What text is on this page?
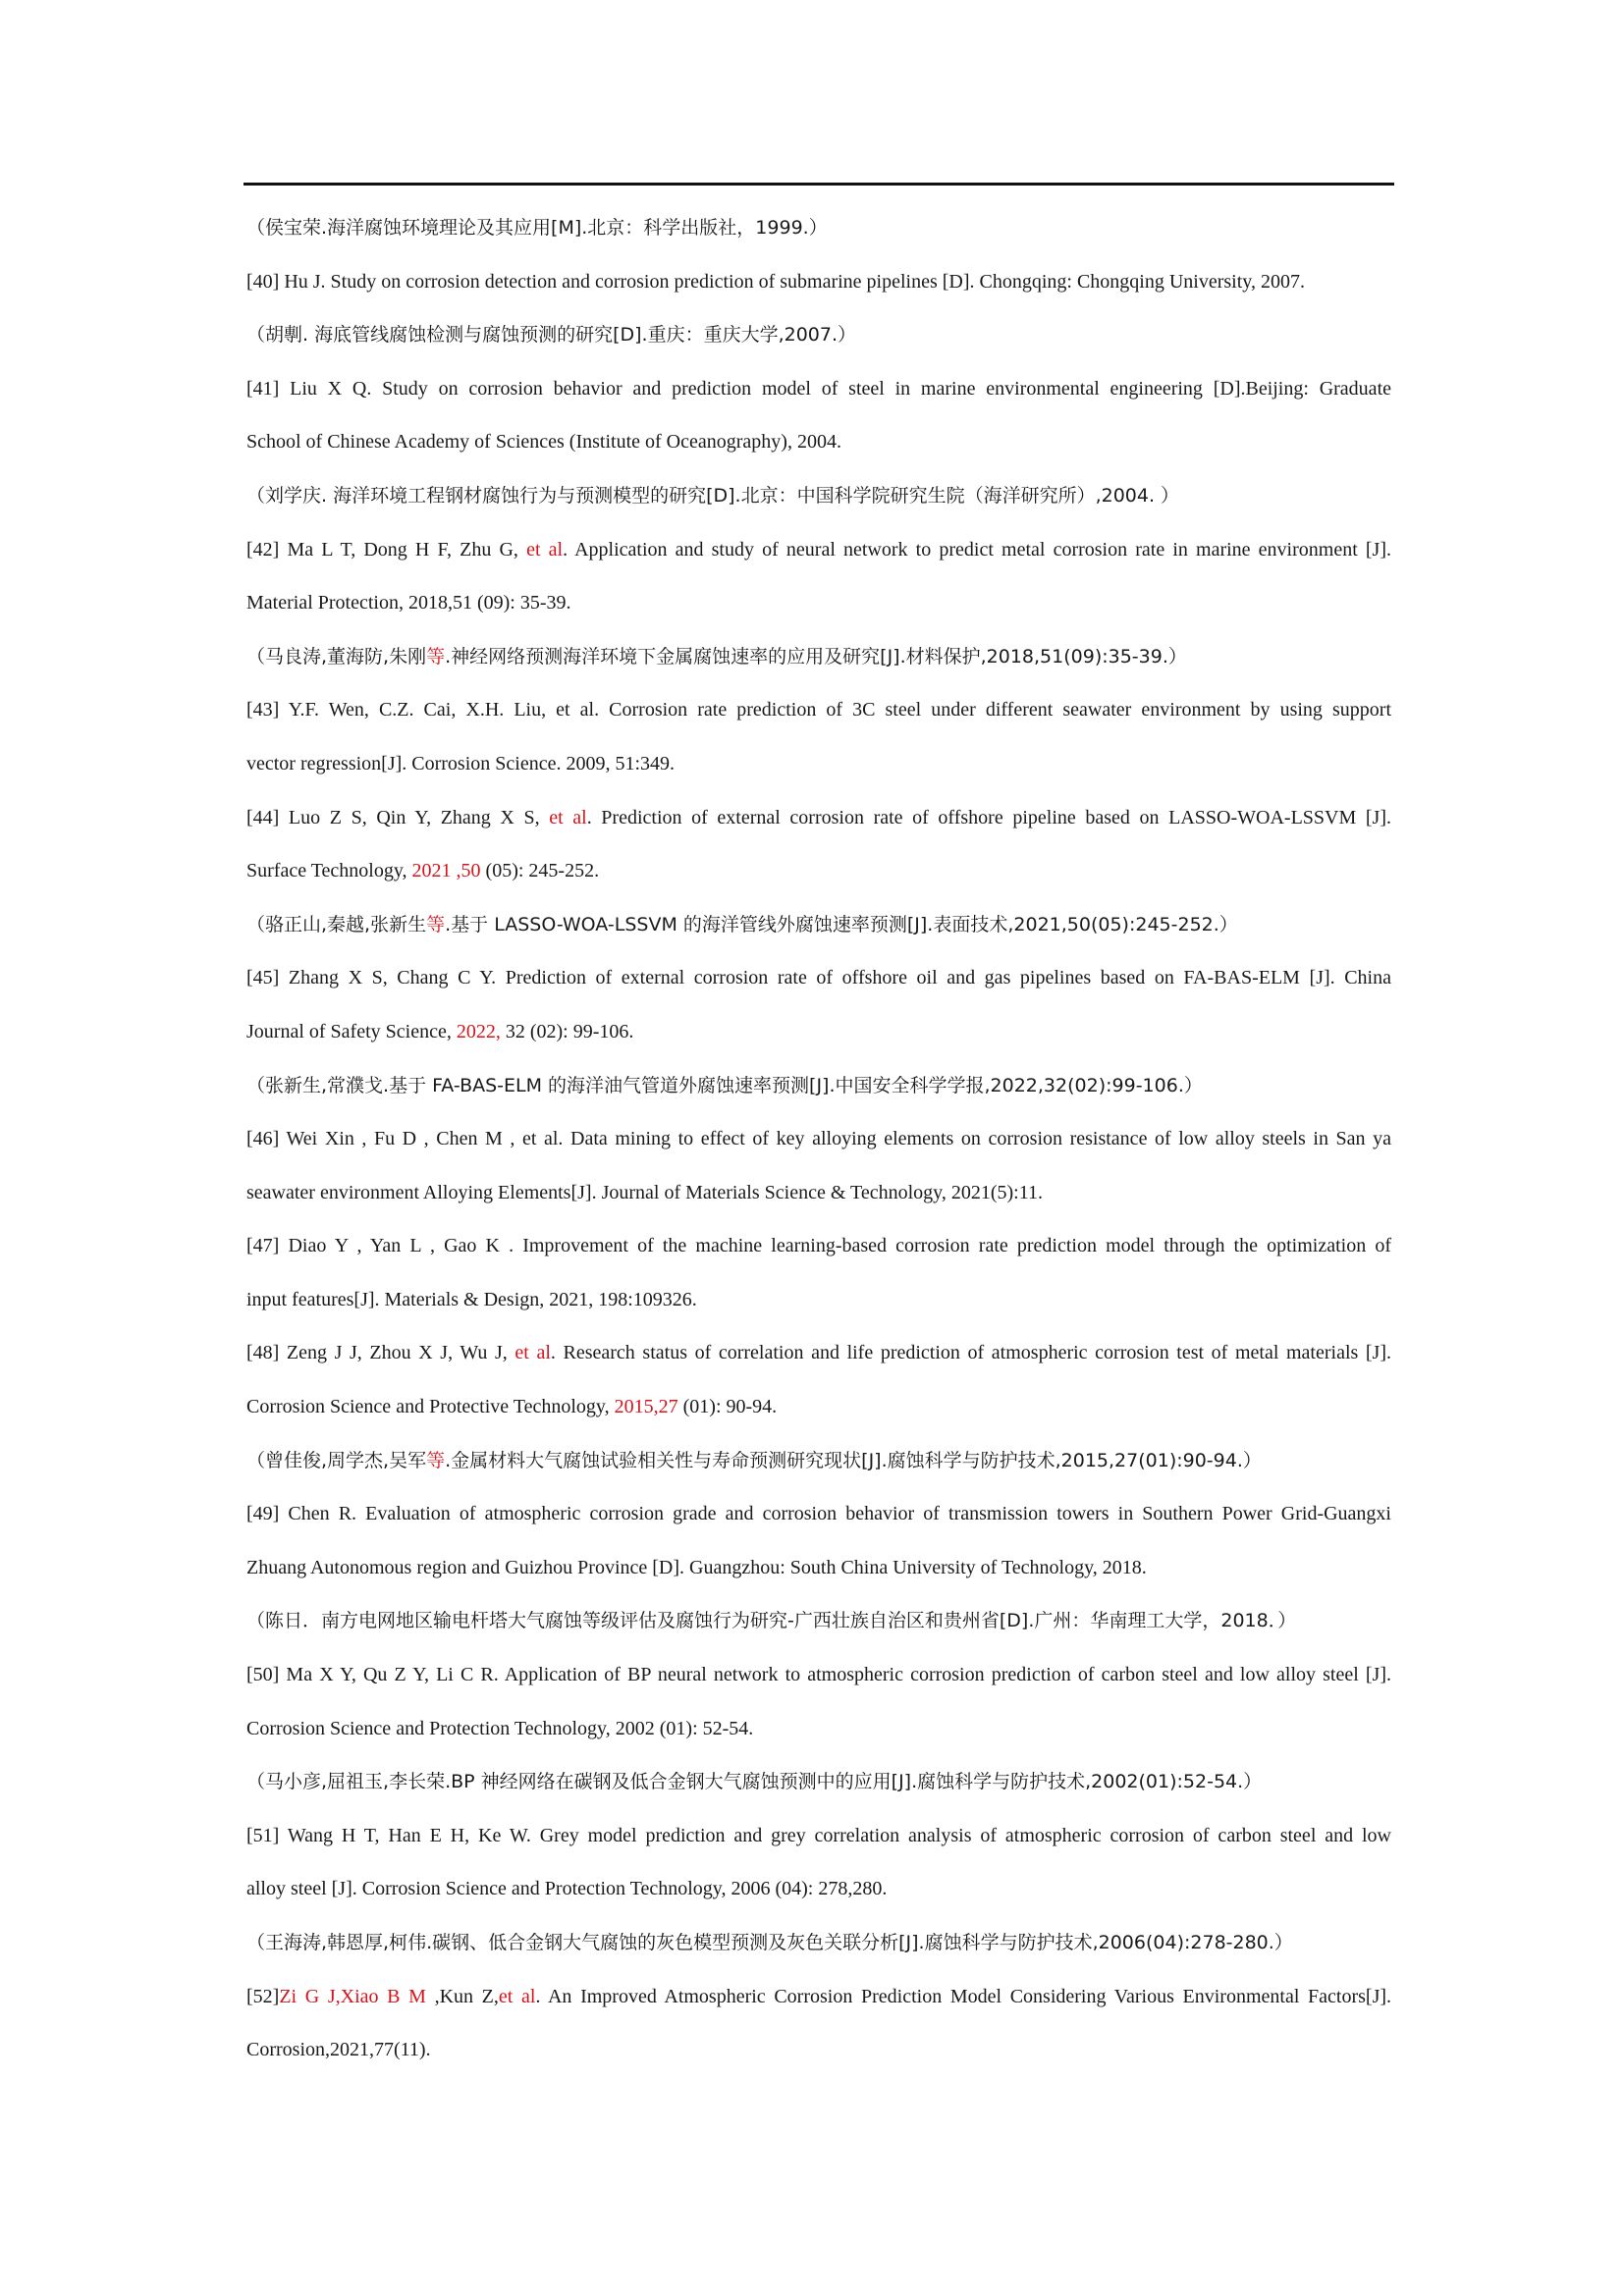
（侯宝荣.海洋腐蚀环境理论及其应用[M].北京：科学出版社，1999.）
[40] Hu J. Study on corrosion detection and corrosion prediction of submarine pipelines [D]. Chongqing: Chongqing University, 2007.
（胡剸. 海底管线腐蚀检测与腐蚀预测的研究[D].重庆：重庆大学,2007.）
[41] Liu X Q. Study on corrosion behavior and prediction model of steel in marine environmental engineering [D].Beijing: Graduate
School of Chinese Academy of Sciences (Institute of Oceanography), 2004.
（刘学庆. 海洋环境工程钢材腐蚀行为与预测模型的研究[D].北京：中国科学院研究生院（海洋研究所）,2004. ）
[42] Ma L T, Dong H F, Zhu G, et al. Application and study of neural network to predict metal corrosion rate in marine environment [J].
Material Protection, 2018,51 (09): 35-39.
（马良涛,董海防,朱刚等.神经网络预测海洋环境下金属腐蚀速率的应用及研究[J].材料保护,2018,51(09):35-39.）
[43] Y.F. Wen, C.Z. Cai, X.H. Liu, et al. Corrosion rate prediction of 3C steel under different seawater environment by using support
vector regression[J]. Corrosion Science. 2009, 51:349.
[44] Luo Z S, Qin Y, Zhang X S, et al. Prediction of external corrosion rate of offshore pipeline based on LASSO-WOA-LSSVM [J].
Surface Technology, 2021 ,50 (05): 245-252.
（骆正山,秦越,张新生等.基于 LASSO-WOA-LSSVM 的海洋管线外腐蚀速率预测[J].表面技术,2021,50(05):245-252.）
[45] Zhang X S, Chang C Y. Prediction of external corrosion rate of offshore oil and gas pipelines based on FA-BAS-ELM [J]. China
Journal of Safety Science, 2022, 32 (02): 99-106.
（张新生,常濮戈.基于 FA-BAS-ELM 的海洋油气管道外腐蚀速率预测[J].中国安全科学学报,2022,32(02):99-106.）
[46] Wei Xin , Fu D , Chen M , et al. Data mining to effect of key alloying elements on corrosion resistance of low alloy steels in San ya
seawater environment Alloying Elements[J]. Journal of Materials Science & Technology, 2021(5):11.
[47] Diao Y , Yan L , Gao K . Improvement of the machine learning-based corrosion rate prediction model through the optimization of
input features[J]. Materials & Design, 2021, 198:109326.
[48] Zeng J J, Zhou X J, Wu J, et al. Research status of correlation and life prediction of atmospheric corrosion test of metal materials [J].
Corrosion Science and Protective Technology, 2015,27 (01): 90-94.
（曾佳俊,周学杰,吴军等.金属材料大气腐蚀试验相关性与寿命预测研究现状[J].腐蚀科学与防护技术,2015,27(01):90-94.）
[49] Chen R. Evaluation of atmospheric corrosion grade and corrosion behavior of transmission towers in Southern Power Grid-Guangxi
Zhuang Autonomous region and Guizhou Province [D]. Guangzhou: South China University of Technology, 2018.
（陈日．南方电网地区输电杆塔大气腐蚀等级评估及腐蚀行为研究-广西壮族自治区和贵州省[D].广州：华南理工大学，2018．）
[50] Ma X Y, Qu Z Y, Li C R. Application of BP neural network to atmospheric corrosion prediction of carbon steel and low alloy steel [J].
Corrosion Science and Protection Technology, 2002 (01): 52-54.
（马小彦,屈祖玉,李长荣.BP 神经网络在碳钢及低合金钢大气腐蚀预测中的应用[J].腐蚀科学与防护技术,2002(01):52-54.）
[51] Wang H T, Han E H, Ke W. Grey model prediction and grey correlation analysis of atmospheric corrosion of carbon steel and low
alloy steel [J]. Corrosion Science and Protection Technology, 2006 (04): 278,280.
（王海涛,韩恩厚,柯伟.碳钢、低合金钢大气腐蚀的灰色模型预测及灰色关联分析[J].腐蚀科学与防护技术,2006(04):278-280.）
[52]Zi G J,Xiao B M ,Kun Z,et al. An Improved Atmospheric Corrosion Prediction Model Considering Various Environmental Factors[J].
Corrosion,2021,77(11).
